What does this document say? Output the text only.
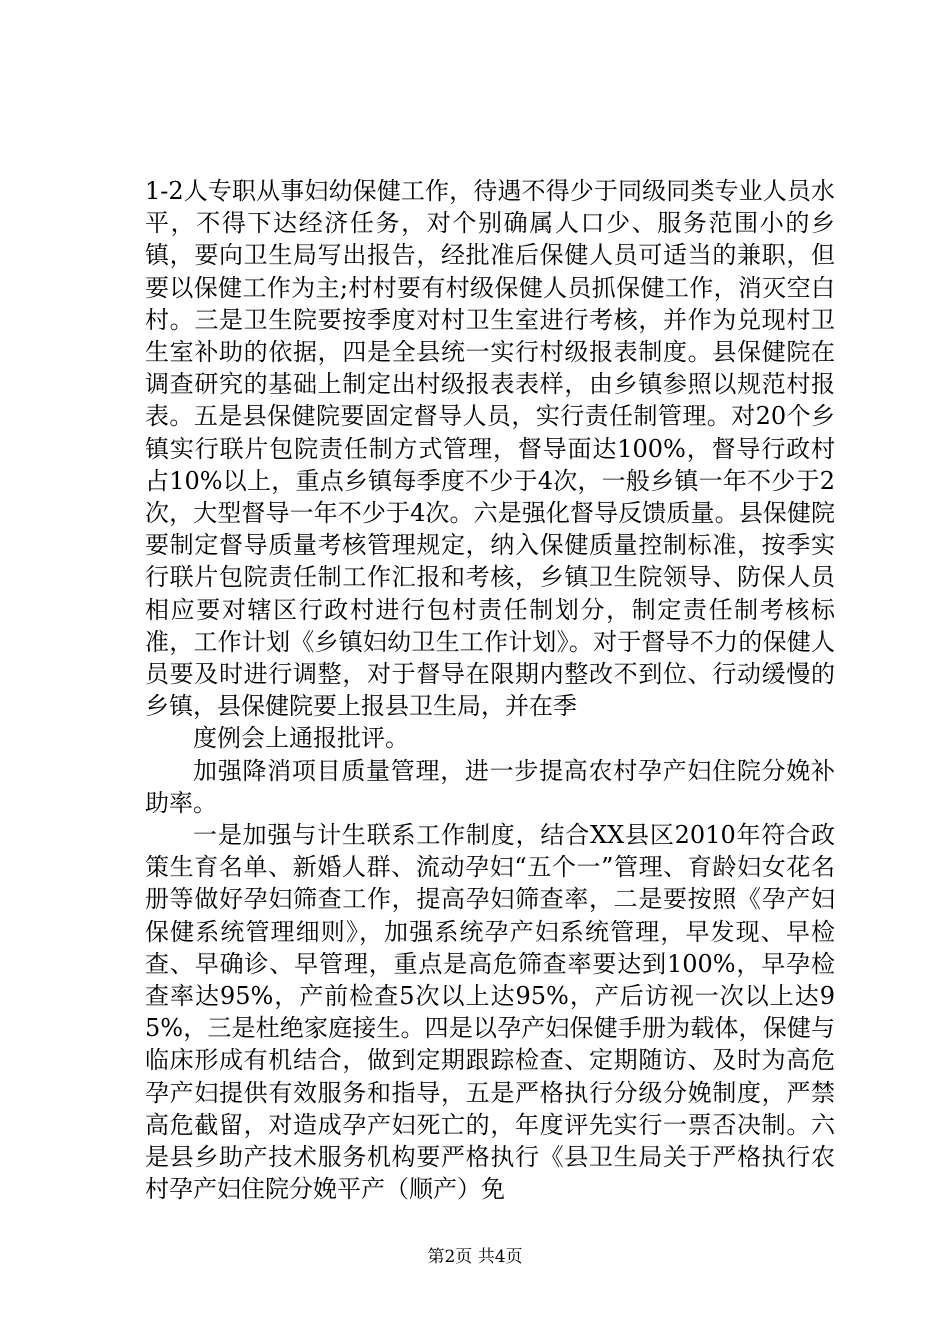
1-2人专职从事妇幼保健工作，待遇不得少于同级同类专业人员水平，不得下达经济任务，对个别确属人口少、服务范围小的乡镇，要向卫生局写出报告，经批准后保健人员可适当的兼职，但要以保健工作为主;村村要有村级保健人员抓保健工作，消灭空白村。三是卫生院要按季度对村卫生室进行考核，并作为兑现村卫生室补助的依据，四是全县统一实行村级报表制度。县保健院在调查研究的基础上制定出村级报表表样，由乡镇参照以规范村报表。五是县保健院要固定督导人员，实行责任制管理。对20个乡镇实行联片包院责任制方式管理，督导面达100%，督导行政村占10%以上，重点乡镇每季度不少于4次，一般乡镇一年不少于2次，大型督导一年不少于4次。六是强化督导反馈质量。县保健院要制定督导质量考核管理规定，纳入保健质量控制标准，按季实行联片包院责任制工作汇报和考核，乡镇卫生院领导、防保人员相应要对辖区行政村进行包村责任制划分，制定责任制考核标准，工作计划《乡镇妇幼卫生工作计划》。对于督导不力的保健人员要及时进行调整，对于督导在限期内整改不到位、行动缓慢的乡镇，县保健院要上报县卫生局，并在季

度例会上通报批评。

加强降消项目质量管理，进一步提高农村孕产妇住院分娩补助率。

一是加强与计生联系工作制度，结合XX县区2010年符合政策生育名单、新婚人群、流动孕妇“五个一”管理、育龄妇女花名册等做好孕妇筛查工作，提高孕妇筛查率，二是要按照《孕产妇保健系统管理细则》，加强系统孕产妇系统管理，早发现、早检查、早确诊、早管理，重点是高危筛查率要达到100%，早孕检查率达95%，产前检查5次以上达95%，产后访视一次以上达95%，三是杜绝家庭接生。四是以孕产妇保健手册为载体，保健与临床形成有机结合，做到定期跟踪检查、定期随访、及时为高危孕产妇提供有效服务和指导，五是严格执行分级分娩制度，严禁高危截留，对造成孕产妇死亡的，年度评先实行一票否决制。六是县乡助产技术服务机构要严格执行《县卫生局关于严格执行农村孕产妇住院分娩平产（顺产）免

第2页 共4页
